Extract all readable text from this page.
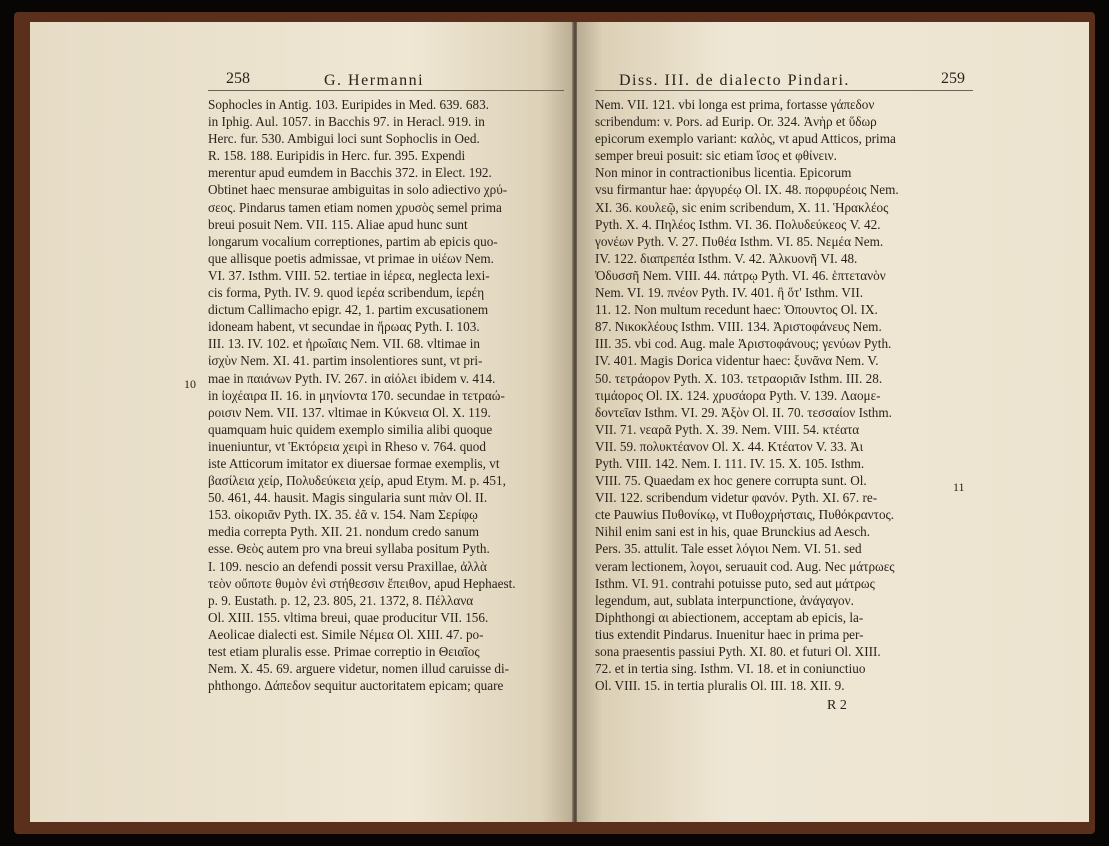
258	G. Hermanni
10
Sophocles in Antig. 103. Euripides in Med. 639. 683.
in Iphig. Aul. 1057. in Bacchis 97. in Heracl. 919. in
Herc. fur. 530. Ambigui loci sunt Sophoclis in Oed.
R. 158. 188. Euripidis in Herc. fur. 395. Expendi
merentur apud eumdem in Bacchis 372. in Elect. 192.
Obtinet haec mensurae ambiguitas in solo adiectivo χρύ-
σεος. Pindarus tamen etiam nomen χρυσὸς semel prima
breui posuit Nem. VII. 115. Aliae apud hunc sunt
longarum vocalium correptiones, partim ab epicis quo-
que allisque poetis admissae, vt primae in υἱέων Nem.
VI. 37. Isthm. VIII. 52. tertiae in ἱέρεα, neglecta lexi-
cis forma, Pyth. IV. 9. quod ἱερέα scribendum, ἱερέη
dictum Callimacho epigr. 42, 1. partim excusationem
idoneam habent, vt secundae in ἥρωας Pyth. I. 103.
III. 13. IV. 102. et ἡρωΐαις Nem. VII. 68. vltimae in
ἰσχὺν Nem. XI. 41. partim insolentiores sunt, vt pri-
mae in παιάνων Pyth. IV. 267. in αἰόλει ibidem v. 414.
in ἰοχέαιρα II. 16. in μηνίοντα 170. secundae in τετραώ-
ροισιν Nem. VII. 137. vltimae in Κύκνεια Ol. X. 119.
quamquam huic quidem exemplo similia alibi quoque
inueniuntur, vt Ἑκτόρεια χειρὶ in Rheso v. 764. quod
iste Atticorum imitator ex diuersae formae exemplis, vt
βασίλεια χείρ, Πολυδεύκεια χείρ, apud Etym. M. p. 451,
50. 461, 44. hausit. Magis singularia sunt πιὰν Ol. II.
153. οἰκοριᾶν Pyth. IX. 35. ἐᾶ v. 154. Nam Σερίφῳ
media correpta Pyth. XII. 21. nondum credo sanum
esse. Θεὸς autem pro vna breui syllaba positum Pyth.
I. 109. nescio an defendi possit versu Praxillae, ἀλλὰ
τεὸν οὔποτε θυμὸν ἐνὶ στήθεσσιν ἔπειθον, apud Hephaest.
p. 9. Eustath. p. 12, 23. 805, 21. 1372, 8. Πέλλανα
Ol. XIII. 155. vltima breui, quae producitur VII. 156.
Aeolicae dialecti est. Simile Νέμεα Ol. XIII. 47. po-
test etiam pluralis esse. Primae correptio in Θειαῖος
Nem. X. 45. 69. arguere videtur, nomen illud caruisse di-
phthongo. Δάπεδον sequitur auctoritatem epicam; quare
Diss. III. de dialecto Pindari.	259
11
Nem. VII. 121. vbi longa est prima, fortasse γάπεδον
scribendum: v. Pors. ad Eurip. Or. 324. Ἀνὴρ et ὕδωρ
epicorum exemplo variant: καλὸς, vt apud Atticos, prima
semper breui posuit: sic etiam ἴσος et φθίνειν.
Non minor in contractionibus licentia. Epicorum
vsu firmantur hae: ἀργυρέῳ Ol. IX. 48. πορφυρέοις Nem.
XI. 36. κουλεῷ, sic enim scribendum, X. 11. Ἡρακλέος
Pyth. X. 4. Πηλέος Isthm. VI. 36. Πολυδεύκεος V. 42.
γονέων Pyth. V. 27. Πυθέα Isthm. VI. 85. Νεμέα Nem.
IV. 122. διαπρεπέα Isthm. V. 42. Ἀλκυονῆ VI. 48.
Ὀδυσσῆ Nem. VIII. 44. πάτρῳ Pyth. VI. 46. ἑπτετανὸν
Nem. VI. 19. πνέον Pyth. IV. 401. ἢ ὅτ' Isthm. VII.
11. 12. Non multum recedunt haec: Ὀπουντος Ol. IX.
87. Νικοκλέους Isthm. VIII. 134. Ἀριστοφάνευς Nem.
III. 35. vbi cod. Aug. male Ἀριστοφάνους; γενύων Pyth.
IV. 401. Magis Dorica videntur haec: ξυνᾶνα Nem. V.
50. τετράορον Pyth. X. 103. τετραοριᾶν Isthm. III. 28.
τιμάορος Ol. IX. 124. χρυσάορα Pyth. V. 139. Λαομε-
δοντεῖαν Isthm. VI. 29. Ἀξὸν Ol. II. 70. τεσσαίον Isthm.
VII. 71. νεαρᾶ Pyth. X. 39. Nem. VIII. 54. κτέατα
VII. 59. πολυκτέανον Ol. X. 44. Κτέατον V. 33. Ἀι
Pyth. VIII. 142. Nem. I. 111. IV. 15. X. 105. Isthm.
VIII. 75. Quaedam ex hoc genere corrupta sunt. Ol.
VII. 122. scribendum videtur φανόν. Pyth. XI. 67. re-
cte Pauwius Πυθονίκῳ, vt Πυθοχρήσταις, Πυθόκραντος.
Nihil enim sani est in his, quae Brunckius ad Aesch.
Pers. 35. attulit. Tale esset λόγιοι Nem. VI. 51. sed
veram lectionem, λογοι, seruauit cod. Aug. Nec μάτρωες
Isthm. VI. 91. contrahi potuisse puto, sed aut μάτρως
legendum, aut, sublata interpunctione, ἀνάγαγον.
Diphthongi αι abiectionem, acceptam ab epicis, la-
tius extendit Pindarus. Inuenitur haec in prima per-
sona praesentis passiui Pyth. XI. 80. et futuri Ol. XIII.
72. et in tertia sing. Isthm. VI. 18. et in coniunctiuo
Ol. VIII. 15. in tertia pluralis Ol. III. 18. XII. 9.
R 2
